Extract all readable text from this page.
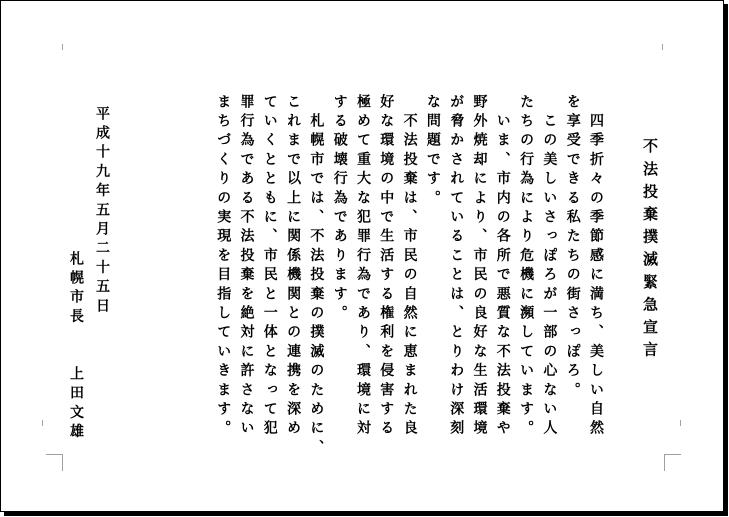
不法投棄撲滅緊急宣言
　四季折々の季節感に満ち、美しい自然
を享受できる私たちの街さっぽろ。
　この美しいさっぽろが一部の心ない人
たちの行為により危機に瀕しています。
　いま、市内の各所で悪質な不法投棄や
野外焼却により、市民の良好な生活環境
が脅かされていることは、とりわけ深刻
な問題です。
　不法投棄は、市民の自然に恵まれた良
好な環境の中で生活する権利を侵害する
極めて重大な犯罪行為であり、環境に対
する破壊行為であります。
　札幌市では、不法投棄の撲滅のために、
これまで以上に関係機関との連携を深め
ていくとともに、市民と一体となって犯
罪行為である不法投棄を絶対に許さない
まちづくりの実現を目指していきます。
平成十九年五月二十五日
札幌市長　　上田文雄
